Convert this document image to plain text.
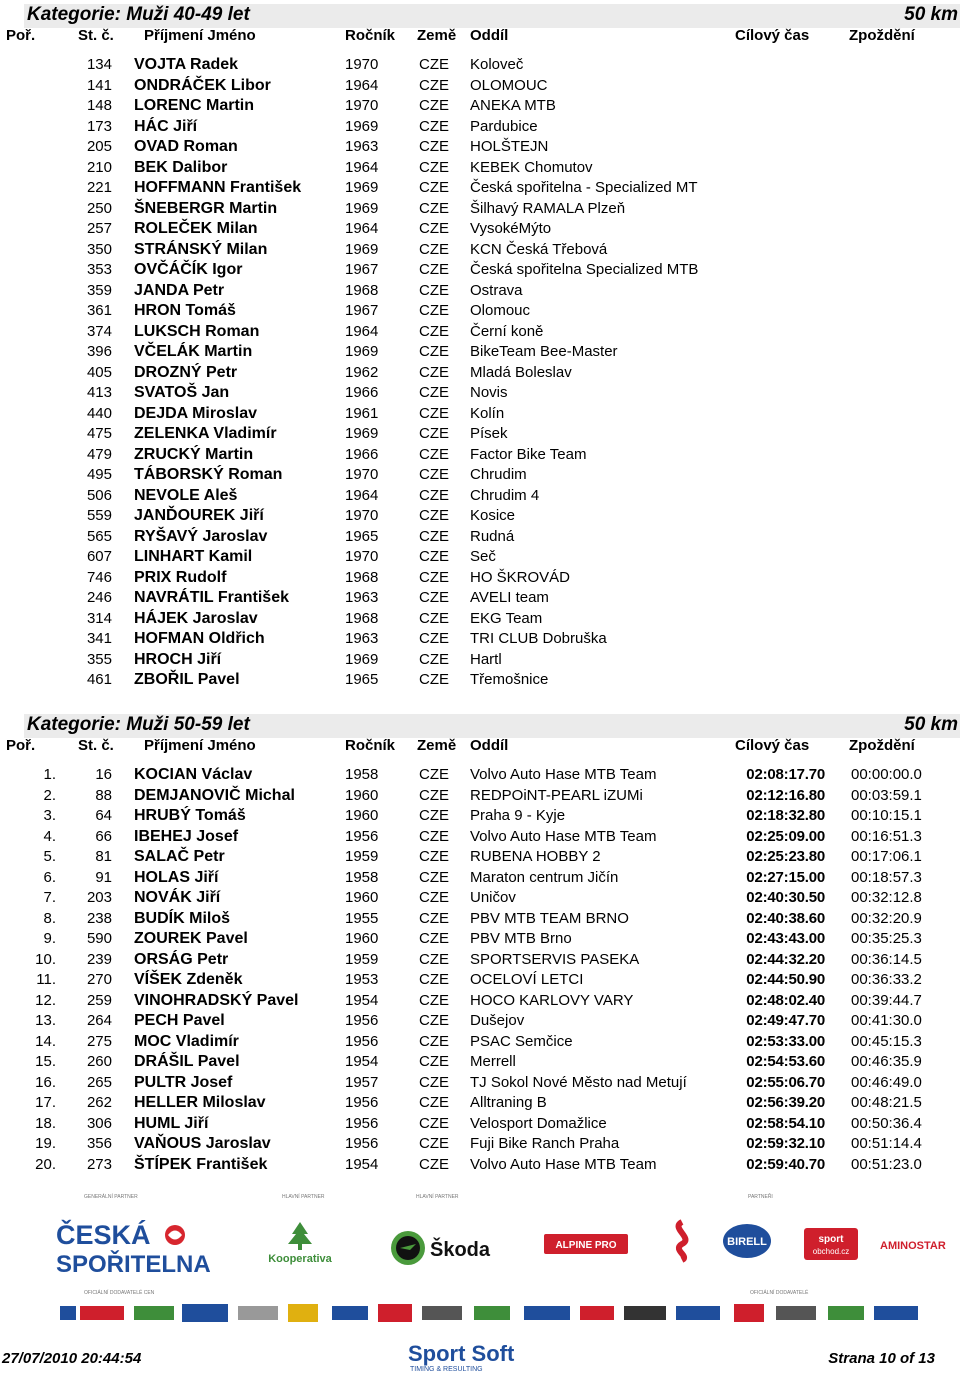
Kategorie: Muži 40-49 let	50 km
Poř.	St. č. Příjmení Jméno	Ročník Země Oddíl	Cílový čas	Zpoždění
134 VOJTA Radek	1970	CZE Koloveč
141 ONDRÁČEK Libor	1964	CZE OLOMOUC
148 LORENC Martin	1970	CZE ANEKA MTB
173 HÁC Jiří	1969	CZE Pardubice
205 OVAD Roman	1963	CZE HOLŠTEJN
210 BEK Dalibor	1964	CZE KEBEK Chomutov
221 HOFFMANN František	1969	CZE Česká spořitelna - Specialized MT
250 ŠNEBERGR Martin	1969	CZE Šilhavý RAMALA Plzeň
257 ROLEČEK Milan	1964	CZE VysokéMýto
350 STRÁNSKÝ Milan	1969	CZE KCN Česká Třebová
353 OVČÁČÍK Igor	1967	CZE Česká spořitelna Specialized MTB
359 JANDA Petr	1968	CZE Ostrava
361 HRON Tomáš	1967	CZE Olomouc
374 LUKSCH Roman	1964	CZE Černí koně
396 VČELÁK Martin	1969	CZE BikeTeam Bee-Master
405 DROZNÝ Petr	1962	CZE Mladá Boleslav
413 SVATOŠ Jan	1966	CZE Novis
440 DEJDA Miroslav	1961	CZE Kolín
475 ZELENKA Vladimír	1969	CZE Písek
479 ZRUCKÝ Martin	1966	CZE Factor Bike Team
495 TÁBORSKÝ Roman	1970	CZE Chrudim
506 NEVOLE Aleš	1964	CZE Chrudim 4
559 JANĎOUREK Jiří	1970	CZE Kosice
565 RYŠAVÝ Jaroslav	1965	CZE Rudná
607 LINHART Kamil	1970	CZE Seč
746 PRIX Rudolf	1968	CZE HO ŠKROVÁD
246 NAVRÁTIL František	1963	CZE AVELI team
314 HÁJEK Jaroslav	1968	CZE EKG Team
341 HOFMAN Oldřich	1963	CZE TRI CLUB Dobruška
355 HROCH Jiří	1969	CZE Hartl
461 ZBOŘIL Pavel	1965	CZE Třemošnice
Kategorie: Muži 50-59 let	50 km
Poř.	St. č. Příjmení Jméno	Ročník Země Oddíl	Cílový čas	Zpoždění
1.	16 KOCIAN Václav	1958	CZE Volvo Auto Hase MTB Team	02:08:17.70 00:00:00.0
2.	88 DEMJANOVIČ Michal	1960	CZE REDPOiNT-PEARL iZUMi	02:12:16.80 00:03:59.1
3.	64 HRUBÝ Tomáš	1960	CZE Praha 9 - Kyje	02:18:32.80 00:10:15.1
4.	66 IBEHEJ Josef	1956	CZE Volvo Auto Hase MTB Team	02:25:09.00 00:16:51.3
5.	81 SALAČ Petr	1959	CZE RUBENA HOBBY 2	02:25:23.80 00:17:06.1
6.	91 HOLAS Jiří	1958	CZE Maraton centrum Jičín	02:27:15.00 00:18:57.3
7.	203 NOVÁK Jiří	1960	CZE Uničov	02:40:30.50 00:32:12.8
8.	238 BUDÍK Miloš	1955	CZE PBV MTB TEAM BRNO	02:40:38.60 00:32:20.9
9.	590 ZOUREK Pavel	1960	CZE PBV MTB Brno	02:43:43.00 00:35:25.3
10.	239 ORSÁG Petr	1959	CZE SPORTSERVIS PASEKA	02:44:32.20 00:36:14.5
11.	270 VÍŠEK Zdeněk	1953	CZE OCELOVÍ LETCI	02:44:50.90 00:36:33.2
12.	259 VINOHRADSKÝ Pavel	1954	CZE HOCO KARLOVY VARY	02:48:02.40 00:39:44.7
13.	264 PECH Pavel	1956	CZE Dušejov	02:49:47.70 00:41:30.0
14.	275 MOC Vladimír	1956	CZE PSAC Semčice	02:53:33.00 00:45:15.3
15.	260 DRÁŠIL Pavel	1954	CZE Merrell	02:54:53.60 00:46:35.9
16.	265 PULTR Josef	1957	CZE TJ Sokol Nové Město nad Metují	02:55:06.70 00:46:49.0
17.	262 HELLER Miloslav	1956	CZE Alltraning B	02:56:39.20 00:48:21.5
18.	306 HUML Jiří	1956	CZE Velosport Domažlice	02:58:54.10 00:50:36.4
19.	356 VAŇOUS Jaroslav	1956	CZE Fuji Bike Ranch Praha	02:59:32.10 00:51:14.4
20.	273 ŠTÍPEK František	1954	CZE Volvo Auto Hase MTB Team	02:59:40.70 00:51:23.0
GENERÁLNÍ PARTNER	HLAVNÍ PARTNER	HLAVNÍ PARTNER	PARTNEŘI
ČESKÁ
SPOŘITELNA	Kooperativa	Škoda	ALPINE PRO	BIRELL	sport
obchod.cz	AMINOSTAR
OFICIÁLNÍ DODAVATELÉ CEN	OFICIÁLNÍ DODAVATELÉ
27/07/2010 20:44:54	Sport Soft
TIMING & RESULTING
Strana 10 of 13
